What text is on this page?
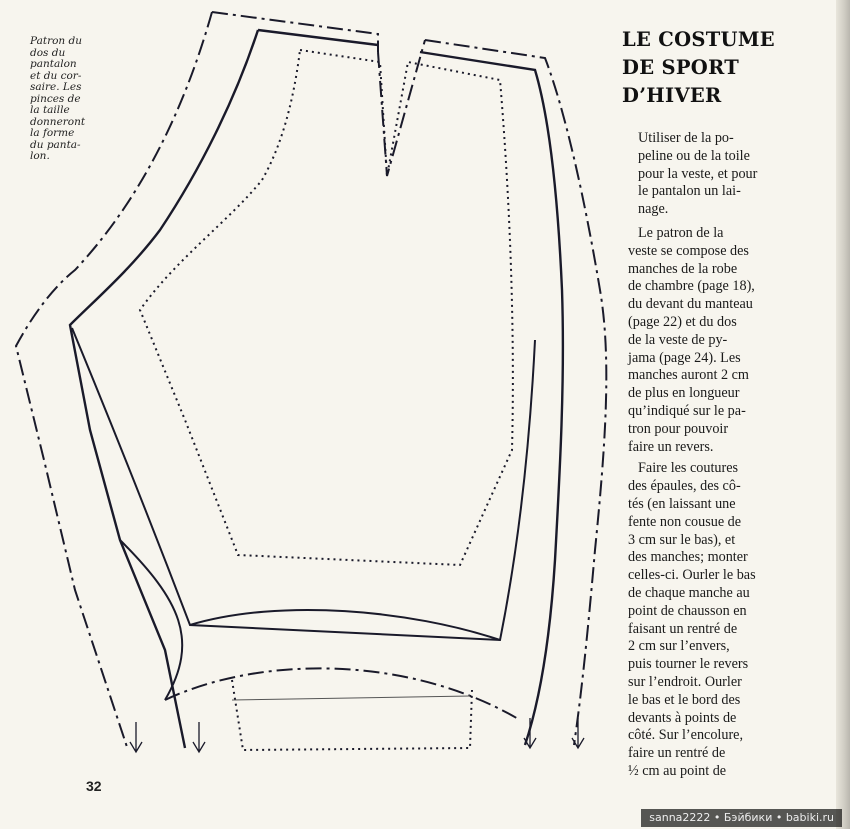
Patron du
dos du
pantalon
et du cor-
saire. Les
pinces de
la taille
donneront
la forme
du panta-
lon.

LE COSTUME
DE SPORT
D’HIVER

Utiliser de la po-
peline ou de la toile
pour la veste, et pour
le pantalon un lai-
nage.

Le patron de la
veste se compose des
manches de la robe
de chambre (page 18),
du devant du manteau
(page 22) et du dos
de la veste de py-
jama (page 24). Les
manches auront 2 cm
de plus en longueur
qu’indiqué sur le pa-
tron pour pouvoir
faire un revers.

Faire les coutures
des épaules, des cô-
tés (en laissant une
fente non cousue de
3 cm sur le bas), et
des manches; monter
celles-ci. Ourler le bas
de chaque manche au
point de chausson en
faisant un rentré de
2 cm sur l’envers,
puis tourner le revers
sur l’endroit. Ourler
le bas et le bord des
devants à points de
côté. Sur l’encolure,
faire un rentré de
½ cm au point de

32
sanna2222 • Бэйбики • babiki.ru
